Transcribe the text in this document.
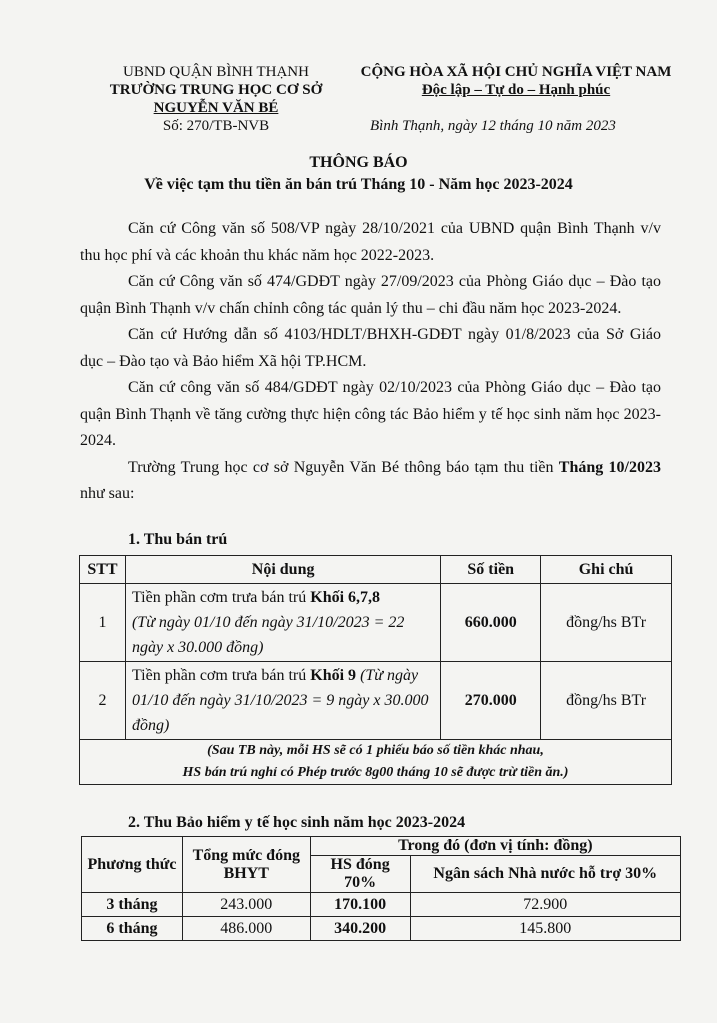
UBND QUẬN BÌNH THẠNH
TRƯỜNG TRUNG HỌC CƠ SỞ
NGUYỄN VĂN BÉ
Số: 270/TB-NVB
CỘNG HÒA XÃ HỘI CHỦ NGHĨA VIỆT NAM
Độc lập – Tự do – Hạnh phúc
Bình Thạnh, ngày 12 tháng 10 năm 2023
THÔNG BÁO
Về việc tạm thu tiền ăn bán trú Tháng 10 - Năm học 2023-2024

Căn cứ Công văn số 508/VP ngày 28/10/2021 của UBND quận Bình Thạnh v/v thu học phí và các khoản thu khác năm học 2022-2023.

Căn cứ Công văn số 474/GDĐT ngày 27/09/2023 của Phòng Giáo dục – Đào tạo quận Bình Thạnh v/v chấn chỉnh công tác quản lý thu – chi đầu năm học 2023-2024.

Căn cứ Hướng dẫn số 4103/HDLT/BHXH-GDĐT ngày 01/8/2023 của Sở Giáo dục – Đào tạo và Bảo hiểm Xã hội TP.HCM.

Căn cứ công văn số 484/GDĐT ngày 02/10/2023 của Phòng Giáo dục – Đào tạo quận Bình Thạnh về tăng cường thực hiện công tác Bảo hiểm y tế học sinh năm học 2023-2024.

Trường Trung học cơ sở Nguyễn Văn Bé thông báo tạm thu tiền Tháng 10/2023 như sau:

1. Thu bán trú
STT	Nội dung	Số tiền	Ghi chú
1	Tiền phần cơm trưa bán trú Khối 6,7,8
(Từ ngày 01/10 đến ngày 31/10/2023 = 22 ngày x 30.000 đồng)	660.000	đồng/hs BTr
2	Tiền phần cơm trưa bán trú Khối 9 (Từ ngày 01/10 đến ngày 31/10/2023 = 9 ngày x 30.000 đồng)	270.000	đồng/hs BTr
(Sau TB này, mỗi HS sẽ có 1 phiếu báo số tiền khác nhau,
HS bán trú nghỉ có Phép trước 8g00 tháng 10 sẽ được trừ tiền ăn.)			
2. Thu Bảo hiểm y tế học sinh năm học 2023-2024
Phương thức	Tổng mức đóng BHYT	Trong đó (đơn vị tính: đồng)	
		HS đóng 70%	Ngân sách Nhà nước hỗ trợ 30%
3 tháng	243.000	170.100	72.900
6 tháng	486.000	340.200	145.800
